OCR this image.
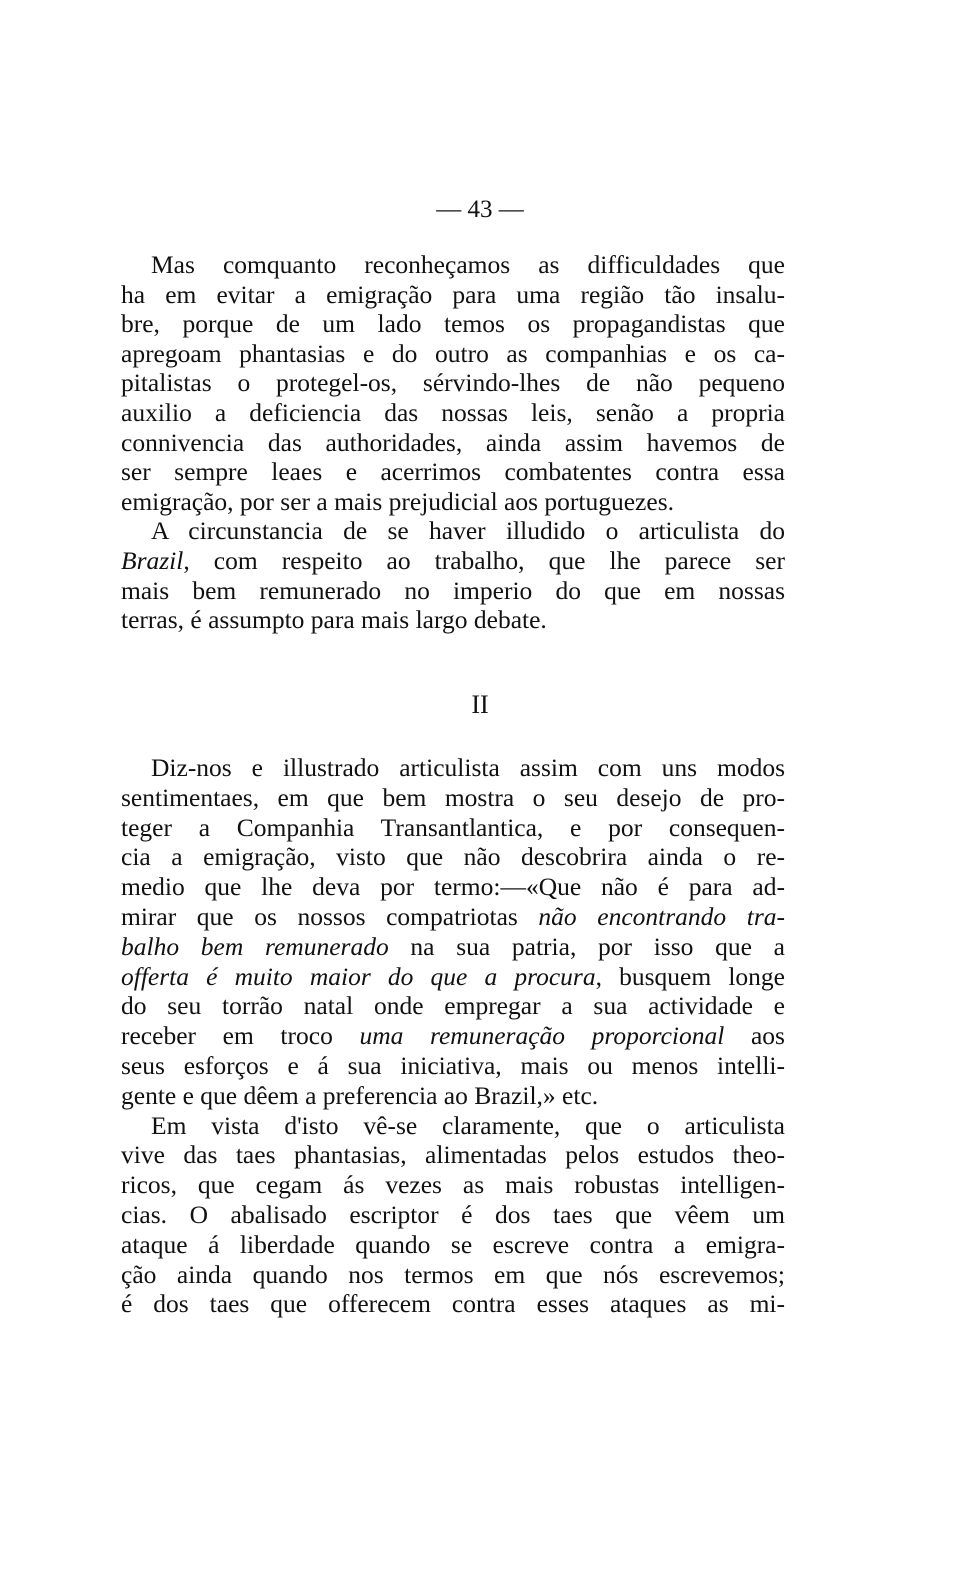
— 43 —
Mas comquanto reconheçamos as difficuldades que
ha em evitar a emigração para uma região tão insalu-
bre, porque de um lado temos os propagandistas que
apregoam phantasias e do outro as companhias e os ca-
pitalistas o protegel-os, sérvindo-lhes de não pequeno
auxilio a deficiencia das nossas leis, senão a propria
connivencia das authoridades, ainda assim havemos de
ser sempre leaes e acerrimos combatentes contra essa
emigração, por ser a mais prejudicial aos portuguezes.
A circunstancia de se haver illudido o articulista do
Brazil, com respeito ao trabalho, que lhe parece ser
mais bem remunerado no imperio do que em nossas
terras, é assumpto para mais largo debate.
II
Diz-nos e illustrado articulista assim com uns modos
sentimentaes, em que bem mostra o seu desejo de pro-
teger a Companhia Transantlantica, e por consequen-
cia a emigração, visto que não descobrira ainda o re-
medio que lhe deva por termo:—«Que não é para ad-
mirar que os nossos compatriotas não encontrando tra-
balho bem remunerado na sua patria, por isso que a
offerta é muito maior do que a procura, busquem longe
do seu torrão natal onde empregar a sua actividade e
receber em troco uma remuneração proporcional aos
seus esforços e á sua iniciativa, mais ou menos intelli-
gente e que dêem a preferencia ao Brazil,» etc.
Em vista d'isto vê-se claramente, que o articulista
vive das taes phantasias, alimentadas pelos estudos theo-
ricos, que cegam ás vezes as mais robustas intelligen-
cias. O abalisado escriptor é dos taes que vêem um
ataque á liberdade quando se escreve contra a emigra-
ção ainda quando nos termos em que nós escrevemos;
é dos taes que offerecem contra esses ataques as mi-
